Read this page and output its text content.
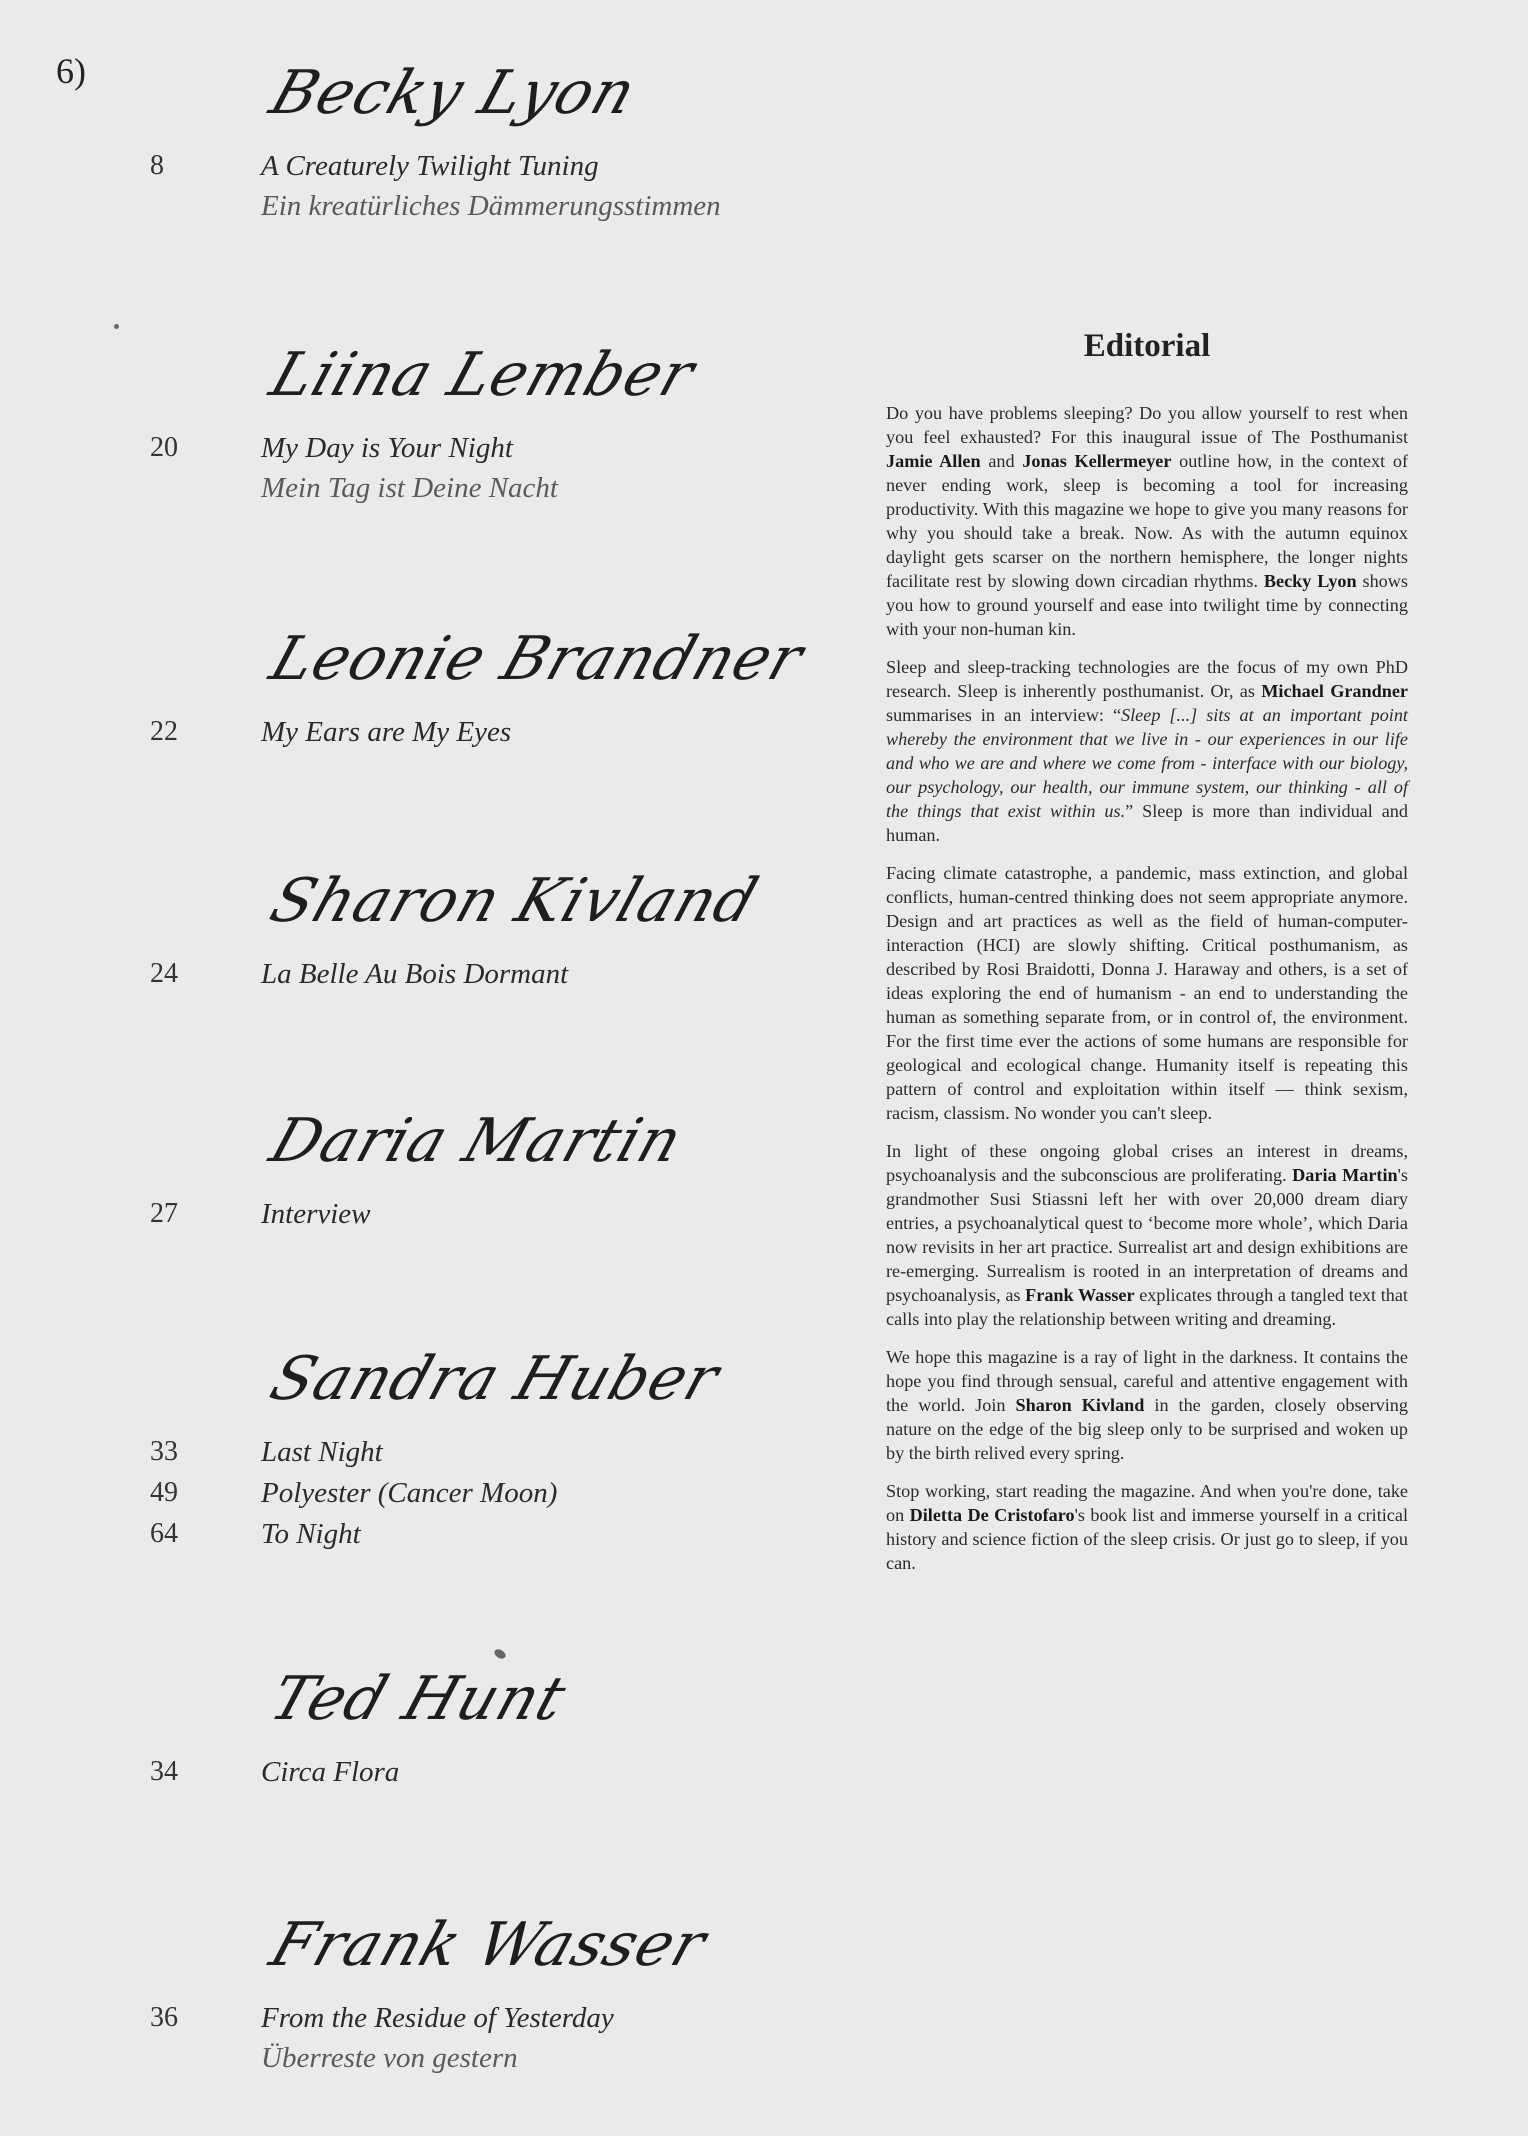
6)	Becky Lyon
8	A Creaturely Twilight Tuning
Ein kreatürliches Dämmerungsstimmen
Liina Lember
20	My Day is Your Night
Mein Tag ist Deine Nacht
Leonie Brandner
22	My Ears are My Eyes
Sharon Kivland
24	La Belle Au Bois Dormant
Daria Martin
27	Interview
Sandra Huber
33	Last Night
49	Polyester (Cancer Moon)
64	To Night
Ted Hunt
34	Circa Flora
Frank Wasser
36	From the Residue of Yesterday
Überreste von gestern
Editorial

Do you have problems sleeping? Do you allow yourself to rest when you feel exhausted? For this inaugural issue of The Posthumanist Jamie Allen and Jonas Kellermeyer outline how, in the context of never ending work, sleep is becoming a tool for increasing productivity. With this magazine we hope to give you many reasons for why you should take a break. Now. As with the autumn equinox daylight gets scarser on the northern hemisphere, the longer nights facilitate rest by slowing down circadian rhythms. Becky Lyon shows you how to ground yourself and ease into twilight time by connecting with your non-human kin.

Sleep and sleep-tracking technologies are the focus of my own PhD research. Sleep is inherently posthumanist. Or, as Michael Grandner summarises in an interview: “Sleep [...] sits at an important point whereby the environment that we live in - our experiences in our life and who we are and where we come from - interface with our biology, our psychology, our health, our immune system, our thinking - all of the things that exist within us.” Sleep is more than individual and human.

Facing climate catastrophe, a pandemic, mass extinction, and global conflicts, human-centred thinking does not seem appropriate anymore. Design and art practices as well as the field of human-computer-interaction (HCI) are slowly shifting. Critical posthumanism, as described by Rosi Braidotti, Donna J. Haraway and others, is a set of ideas exploring the end of humanism - an end to understanding the human as something separate from, or in control of, the environment. For the first time ever the actions of some humans are responsible for geological and ecological change. Humanity itself is repeating this pattern of control and exploitation within itself — think sexism, racism, classism. No wonder you can't sleep.

In light of these ongoing global crises an interest in dreams, psychoanalysis and the subconscious are proliferating. Daria Martin's grandmother Susi Stiassni left her with over 20,000 dream diary entries, a psychoanalytical quest to ‘become more whole’, which Daria now revisits in her art practice. Surrealist art and design exhibitions are re-emerging. Surrealism is rooted in an interpretation of dreams and psychoanalysis, as Frank Wasser explicates through a tangled text that calls into play the relationship between writing and dreaming.

We hope this magazine is a ray of light in the darkness. It contains the hope you find through sensual, careful and attentive engagement with the world. Join Sharon Kivland in the garden, closely observing nature on the edge of the big sleep only to be surprised and woken up by the birth relived every spring.

Stop working, start reading the magazine. And when you're done, take on Diletta De Cristofaro's book list and immerse yourself in a critical history and science fiction of the sleep crisis. Or just go to sleep, if you can.
